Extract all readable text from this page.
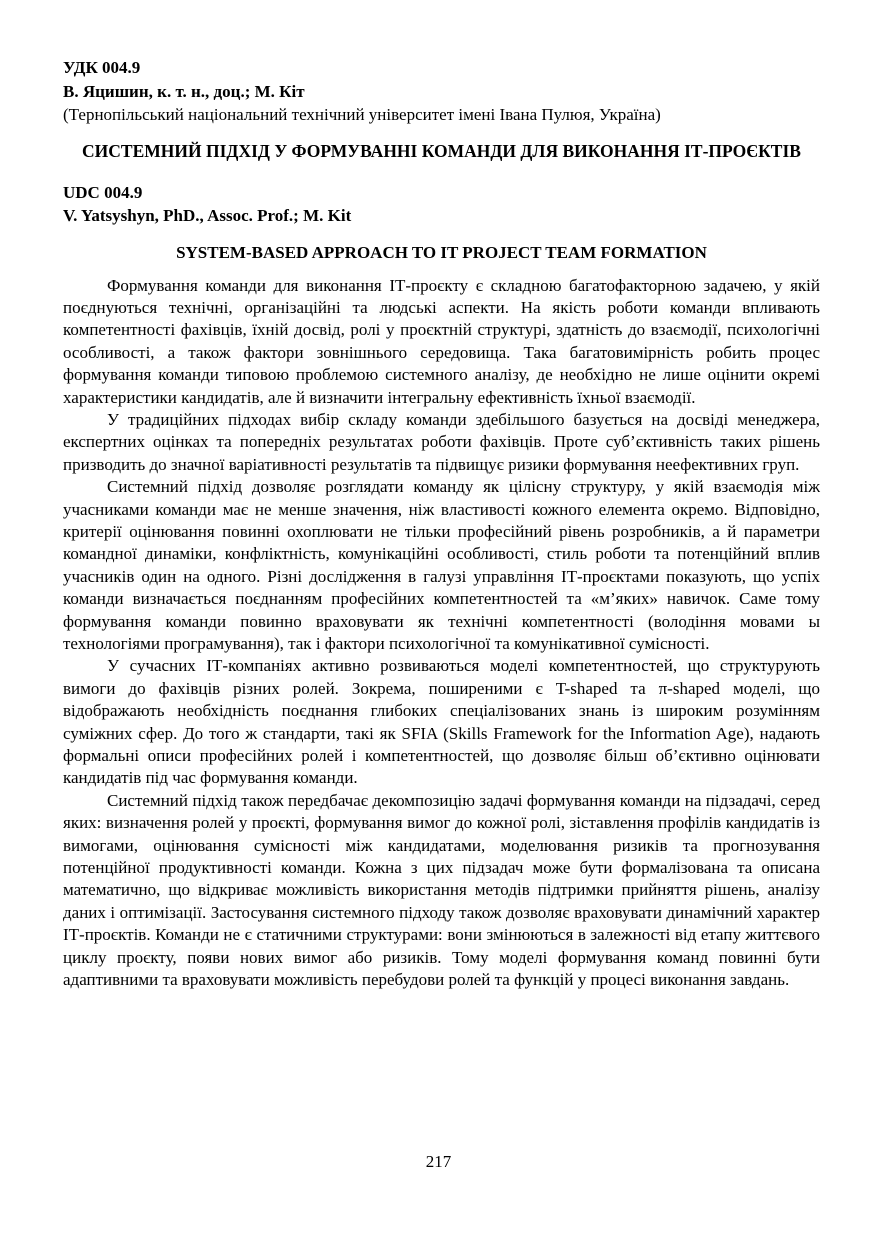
УДК 004.9
В. Яцишин, к. т. н., доц.; М. Кіт
(Тернопільський національний технічний університет імені Івана Пулюя, Україна)
СИСТЕМНИЙ ПІДХІД У ФОРМУВАННІ КОМАНДИ ДЛЯ ВИКОНАННЯ ІТ-ПРОЄКТІВ
UDC 004.9
V. Yatsyshyn, PhD., Assoc. Prof.; M. Kit
SYSTEM-BASED APPROACH TO IT PROJECT TEAM FORMATION

Формування команди для виконання ІТ-проєкту є складною багатофакторною задачею, у якій поєднуються технічні, організаційні та людські аспекти. На якість роботи команди впливають компетентності фахівців, їхній досвід, ролі у проєктній структурі, здатність до взаємодії, психологічні особливості, а також фактори зовнішнього середовища. Така багатовимірність робить процес формування команди типовою проблемою системного аналізу, де необхідно не лише оцінити окремі характеристики кандидатів, але й визначити інтегральну ефективність їхньої взаємодії.

У традиційних підходах вибір складу команди здебільшого базується на досвіді менеджера, експертних оцінках та попередніх результатах роботи фахівців. Проте суб’єктивність таких рішень призводить до значної варіативності результатів та підвищує ризики формування неефективних груп.

Системний підхід дозволяє розглядати команду як цілісну структуру, у якій взаємодія між учасниками команди має не менше значення, ніж властивості кожного елемента окремо. Відповідно, критерії оцінювання повинні охоплювати не тільки професійний рівень розробників, а й параметри командної динаміки, конфліктність, комунікаційні особливості, стиль роботи та потенційний вплив учасників один на одного. Різні дослідження в галузі управління ІТ-проєктами показують, що успіх команди визначається поєднанням професійних компетентностей та «м’яких» навичок. Саме тому формування команди повинно враховувати як технічні компетентності (володіння мовами ы технологіями програмування), так і фактори психологічної та комунікативної сумісності.

У сучасних ІТ-компаніях активно розвиваються моделі компетентностей, що структурують вимоги до фахівців різних ролей. Зокрема, поширеними є T-shaped та π-shaped моделі, що відображають необхідність поєднання глибоких спеціалізованих знань із широким розумінням суміжних сфер. До того ж стандарти, такі як SFIA (Skills Framework for the Information Age), надають формальні описи професійних ролей і компетентностей, що дозволяє більш об’єктивно оцінювати кандидатів під час формування команди.

Системний підхід також передбачає декомпозицію задачі формування команди на підзадачі, серед яких: визначення ролей у проєкті, формування вимог до кожної ролі, зіставлення профілів кандидатів із вимогами, оцінювання сумісності між кандидатами, моделювання ризиків та прогнозування потенційної продуктивності команди. Кожна з цих підзадач може бути формалізована та описана математично, що відкриває можливість використання методів підтримки прийняття рішень, аналізу даних і оптимізації. Застосування системного підходу також дозволяє враховувати динамічний характер ІТ-проєктів. Команди не є статичними структурами: вони змінюються в залежності від етапу життєвого циклу проєкту, появи нових вимог або ризиків. Тому моделі формування команд повинні бути адаптивними та враховувати можливість перебудови ролей та функцій у процесі виконання завдань.

217
